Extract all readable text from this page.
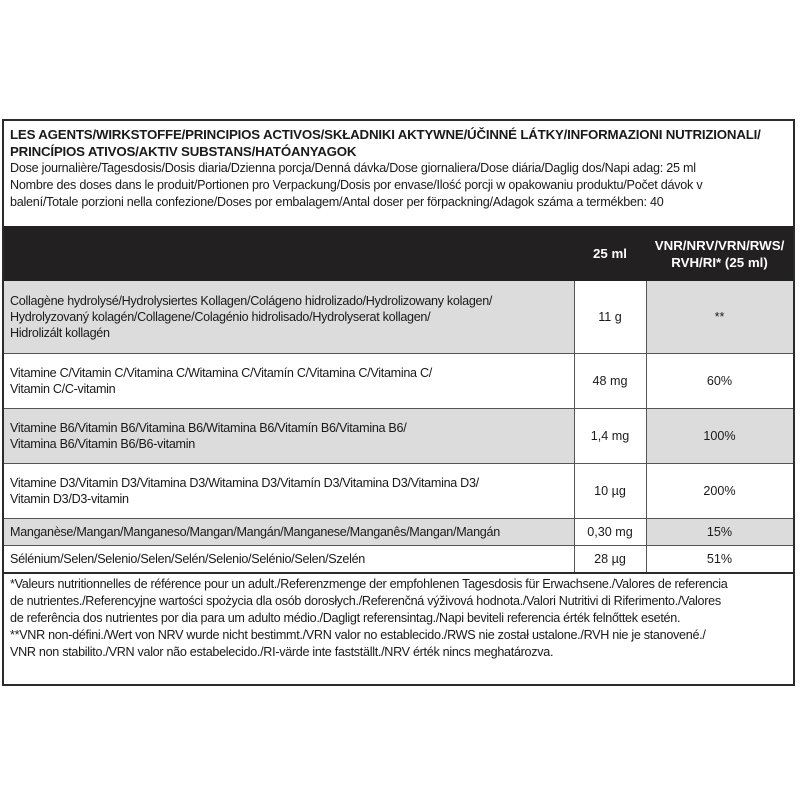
LES AGENTS/WIRKSTOFFE/PRINCIPIOS ACTIVOS/SKŁADNIKI AKTYWNE/ÚČINNÉ LÁTKY/INFORMAZIONI NUTRIZIONALI/
PRINCÍPIOS ATIVOS/AKTIV SUBSTANS/HATÓANYAGOK

Dose journalière/Tagesdosis/Dosis diaria/Dzienna porcja/Denná dávka/Dose giornaliera/Dose diária/Daglig dos/Napi adag: 25 ml

Nombre des doses dans le produit/Portionen pro Verpackung/Dosis por envase/Ilość porcji w opakowaniu produktu/Počet dávok v
balení/Totale porzioni nella confezione/Doses por embalagem/Antal doser per förpackning/Adagok száma a termékben: 40

25 ml
VNR/NRV/VRN/RWS/
RVH/RI* (25 ml)
Collagène hydrolysé/Hydrolysiertes Kollagen/Colágeno hidrolizado/Hydrolizowany kolagen/
Hydrolyzovaný kolagén/Collagene/Colagénio hidrolisado/Hydrolyserat kollagen/
Hidrolizált kollagén
11 g	**
Vitamine C/Vitamin C/Vitamina C/Witamina C/Vitamín C/Vitamina C/Vitamina C/
Vitamin C/C-vitamin
48 mg	60%
Vitamine B6/Vitamin B6/Vitamina B6/Witamina B6/Vitamín B6/Vitamina B6/
Vitamina B6/Vitamin B6/B6-vitamin
1,4 mg	100%
Vitamine D3/Vitamin D3/Vitamina D3/Witamina D3/Vitamín D3/Vitamina D3/Vitamina D3/
Vitamin D3/D3-vitamin
10 µg	200%
Manganèse/Mangan/Manganeso/Mangan/Mangán/Manganese/Manganês/Mangan/Mangán	0,30 mg	15%
Sélénium/Selen/Selenio/Selen/Selén/Selenio/Selénio/Selen/Szelén	28 µg	51%

*Valeurs nutritionnelles de référence pour un adult./Referenzmenge der empfohlenen Tagesdosis für Erwachsene./Valores de referencia
de nutrientes./Referencyjne wartości spożycia dla osób dorosłych./Referenčná výživová hodnota./Valori Nutritivi di Riferimento./Valores
de referência dos nutrientes por dia para um adulto médio./Dagligt referensintag./Napi beviteli referencia érték felnőttek esetén.
**VNR non-défini./Wert von NRV wurde nicht bestimmt./VRN valor no establecido./RWS nie został ustalone./RVH nie je stanovené./
VNR non stabilito./VRN valor não estabelecido./RI-värde inte fastställt./NRV érték nincs meghatározva.
